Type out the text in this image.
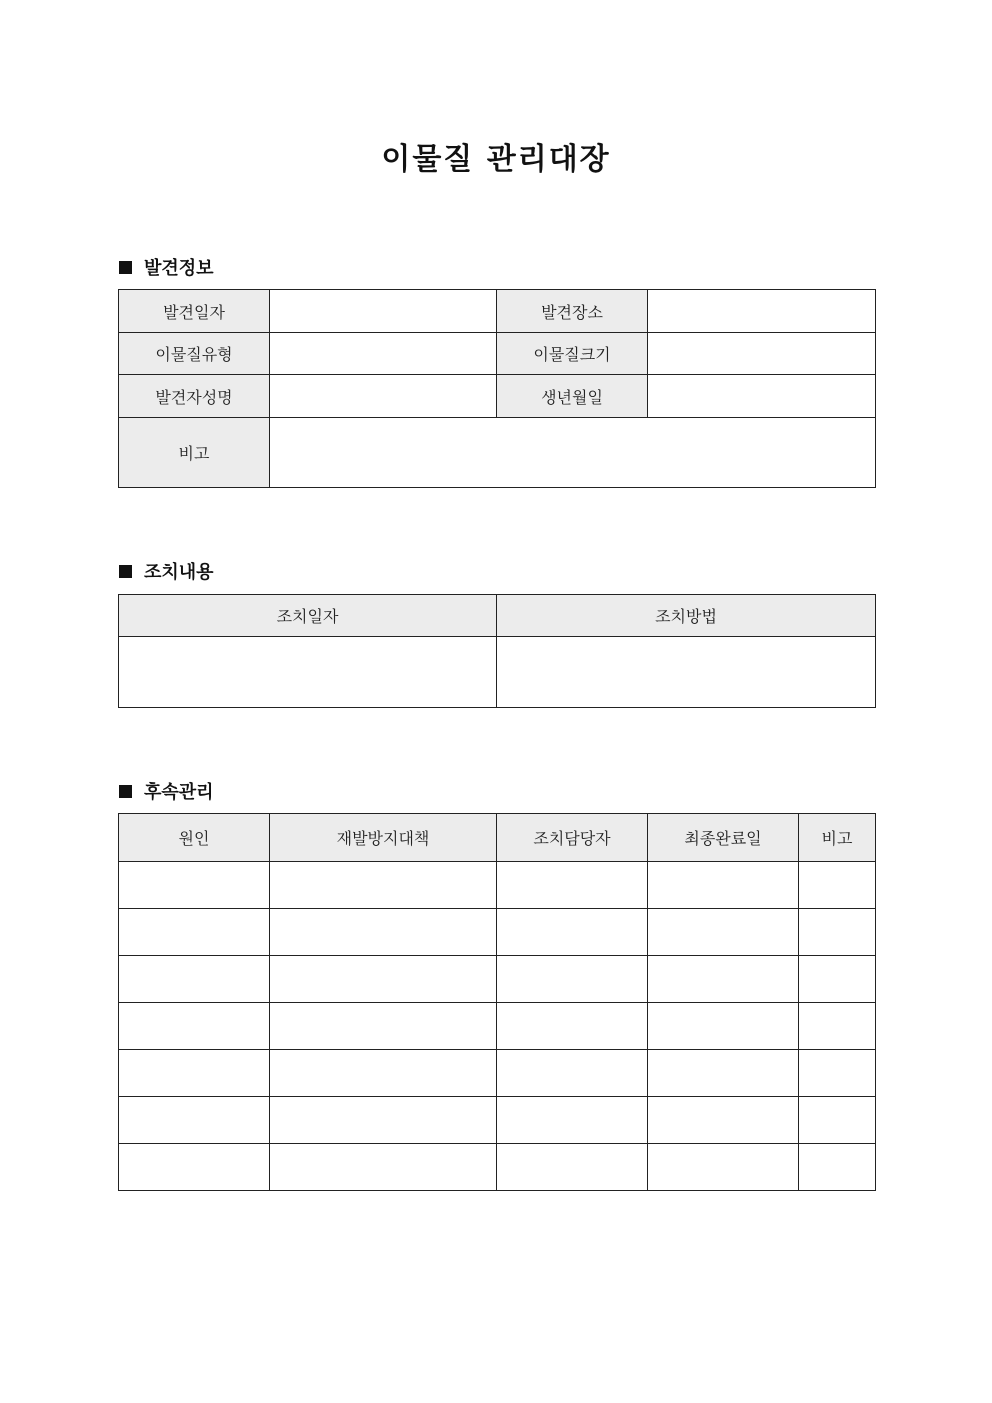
이물질 관리대장
발견정보
발견일자		발견장소	
이물질유형		이물질크기	
발견자성명		생년월일	
비고			
조치내용
조치일자	조치방법

후속관리
원인	재발방지대책	조치담당자	최종완료일	비고
